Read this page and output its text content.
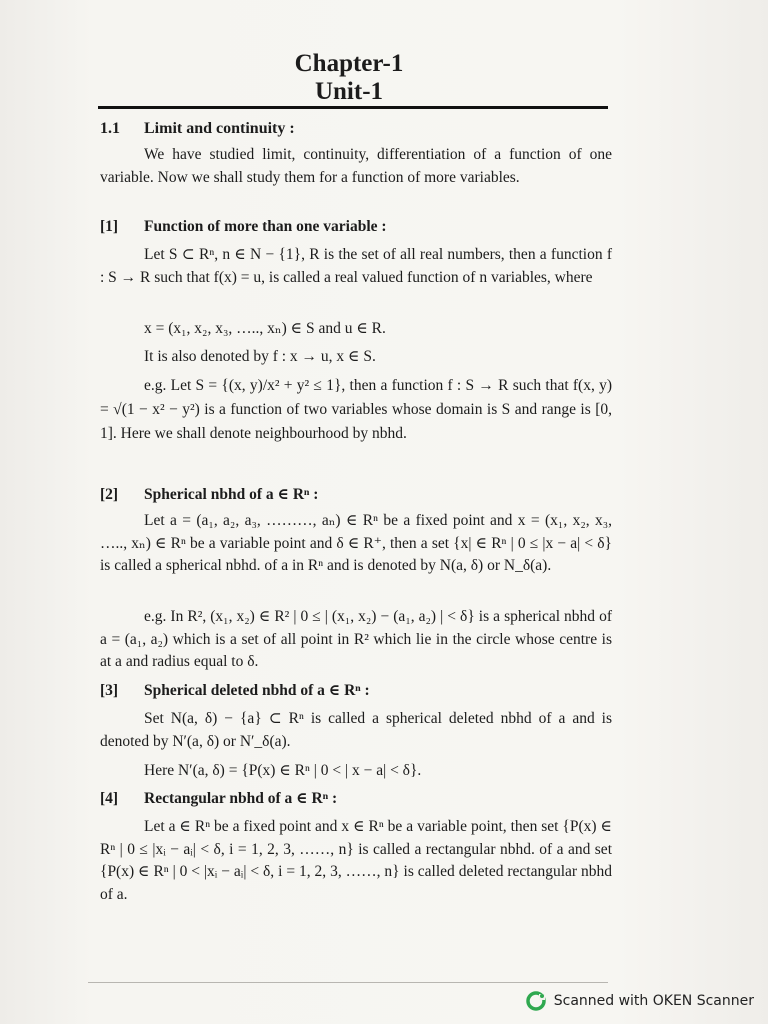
Chapter-1
Unit-1
1.1 Limit and continuity :
We have studied limit, continuity, differentiation of a function of one variable. Now we shall study them for a function of more variables.
[1] Function of more than one variable :
Let S ⊂ Rⁿ, n ∈ N − {1}, R is the set of all real numbers, then a function f : S → R such that f(x) = u, is called a real valued function of n variables, where
x = (x₁, x₂, x₃, ….., xₙ) ∈ S and u ∈ R.
It is also denoted by f : x → u, x ∈ S.
e.g. Let S = {(x, y)/x² + y² ≤ 1}, then a function f : S → R such that f(x, y) = √(1 − x² − y²) is a function of two variables whose domain is S and range is [0, 1]. Here we shall denote neighbourhood by nbhd.
[2] Spherical nbhd of a ∈ Rⁿ :
Let a = (a₁, a₂, a₃, ………, aₙ) ∈ Rⁿ be a fixed point and x = (x₁, x₂, x₃, ….., xₙ) ∈ Rⁿ be a variable point and δ ∈ R⁺, then a set {x| ∈ Rⁿ | 0 ≤ |x − a| < δ} is called a spherical nbhd. of a in Rⁿ and is denoted by N(a, δ) or N_δ(a).
e.g. In R², (x₁, x₂) ∈ R² | 0 ≤ | (x₁, x₂) − (a₁, a₂) | < δ} is a spherical nbhd of a = (a₁, a₂) which is a set of all point in R² which lie in the circle whose centre is at a and radius equal to δ.
[3] Spherical deleted nbhd of a ∈ Rⁿ :
Set N(a, δ) − {a} ⊂ Rⁿ is called a spherical deleted nbhd of a and is denoted by N′(a, δ) or N′_δ(a).
Here N′(a, δ) = {P(x) ∈ Rⁿ | 0 < | x − a| < δ}.
[4] Rectangular nbhd of a ∈ Rⁿ :
Let a ∈ Rⁿ be a fixed point and x ∈ Rⁿ be a variable point, then set {P(x) ∈ Rⁿ | 0 ≤ |xᵢ − aᵢ| < δ, i = 1, 2, 3, ……, n} is called a rectangular nbhd. of a and set {P(x) ∈ Rⁿ | 0 < |xᵢ − aᵢ| < δ, i = 1, 2, 3, ……, n} is called deleted rectangular nbhd of a.
Scanned with OKEN Scanner
